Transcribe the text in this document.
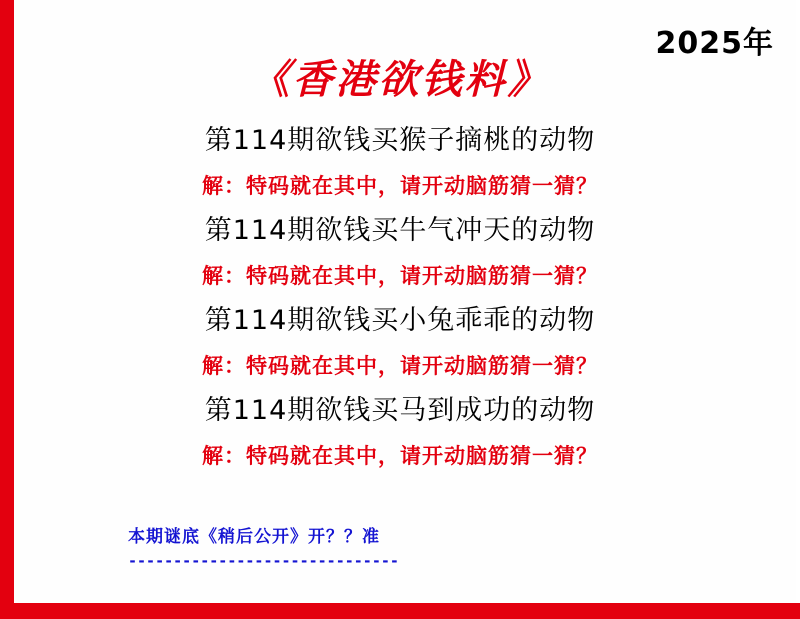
2025年
《香港欲钱料》
第114期欲钱买猴子摘桃的动物
解：特码就在其中，请开动脑筋猜一猜？
第114期欲钱买牛气冲天的动物
解：特码就在其中，请开动脑筋猜一猜？
第114期欲钱买小兔乖乖的动物
解：特码就在其中，请开动脑筋猜一猜？
第114期欲钱买马到成功的动物
解：特码就在其中，请开动脑筋猜一猜？
本期谜底《稍后公开》开？？准
------------------------------
